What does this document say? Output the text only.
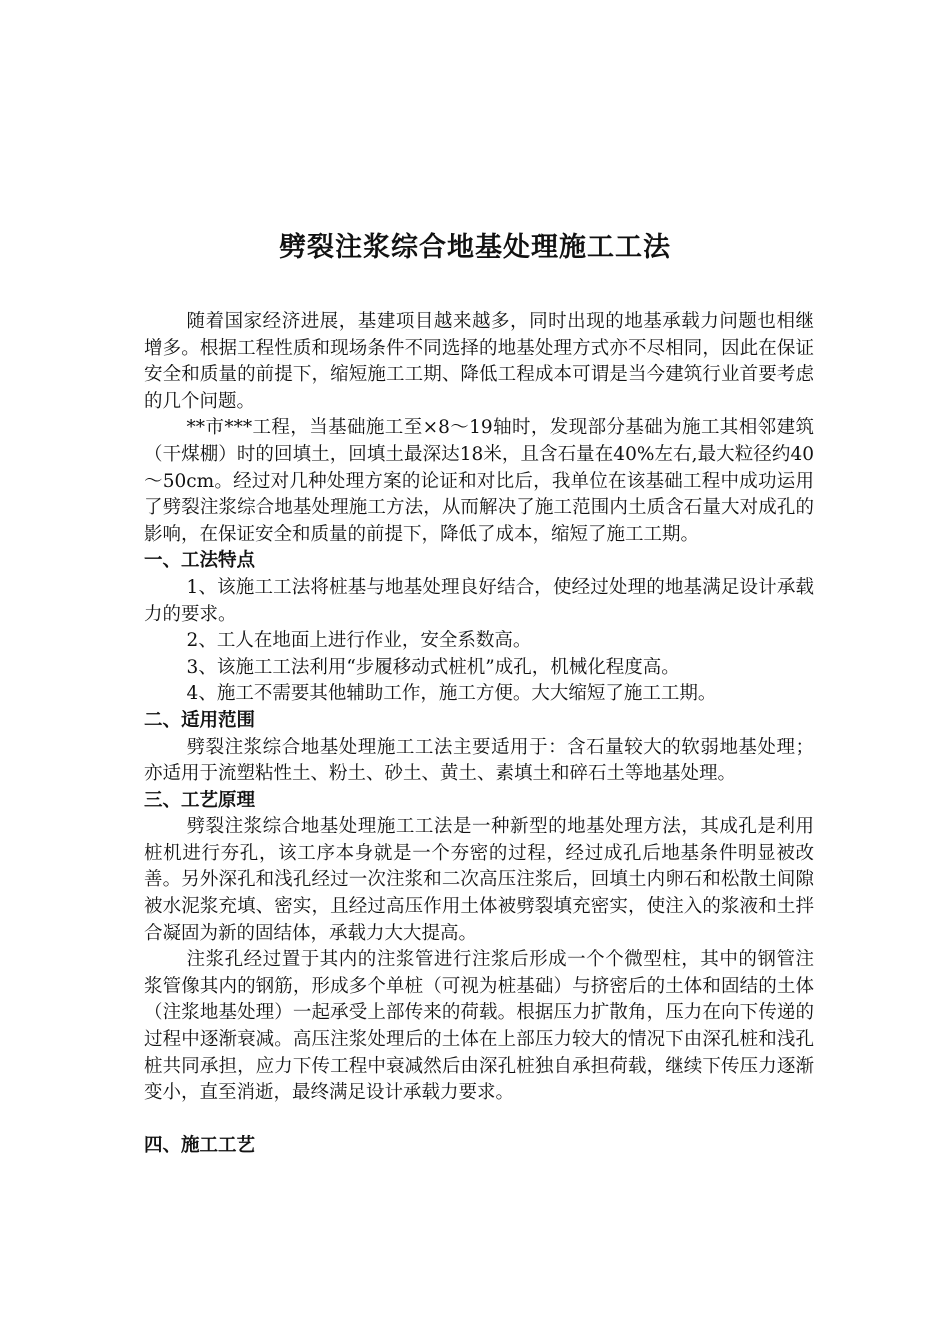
劈裂注浆综合地基处理施工工法

随着国家经济进展，基建项目越来越多，同时出现的地基承载力问题也相继增多。根据工程性质和现场条件不同选择的地基处理方式亦不尽相同，因此在保证安全和质量的前提下，缩短施工工期、降低工程成本可谓是当今建筑行业首要考虑的几个问题。

**市***工程，当基础施工至×8～19轴时，发现部分基础为施工其相邻建筑（干煤棚）时的回填土，回填土最深达18米，且含石量在40%左右,最大粒径约40～50cm。经过对几种处理方案的论证和对比后，我单位在该基础工程中成功运用了劈裂注浆综合地基处理施工方法，从而解决了施工范围内土质含石量大对成孔的影响，在保证安全和质量的前提下，降低了成本，缩短了施工工期。

一、工法特点

1、该施工工法将桩基与地基处理良好结合，使经过处理的地基满足设计承载力的要求。

2、工人在地面上进行作业，安全系数高。

3、该施工工法利用“步履移动式桩机”成孔，机械化程度高。

4、施工不需要其他辅助工作，施工方便。大大缩短了施工工期。

二、适用范围

劈裂注浆综合地基处理施工工法主要适用于：含石量较大的软弱地基处理；亦适用于流塑粘性土、粉土、砂土、黄土、素填土和碎石土等地基处理。

三、工艺原理

劈裂注浆综合地基处理施工工法是一种新型的地基处理方法，其成孔是利用桩机进行夯孔，该工序本身就是一个夯密的过程，经过成孔后地基条件明显被改善。另外深孔和浅孔经过一次注浆和二次高压注浆后，回填土内卵石和松散土间隙被水泥浆充填、密实，且经过高压作用土体被劈裂填充密实，使注入的浆液和土拌合凝固为新的固结体，承载力大大提高。

注浆孔经过置于其内的注浆管进行注浆后形成一个个微型柱，其中的钢管注浆管像其内的钢筋，形成多个单桩（可视为桩基础）与挤密后的土体和固结的土体（注浆地基处理）一起承受上部传来的荷载。根据压力扩散角，压力在向下传递的过程中逐渐衰减。高压注浆处理后的土体在上部压力较大的情况下由深孔桩和浅孔桩共同承担，应力下传工程中衰减然后由深孔桩独自承担荷载，继续下传压力逐渐变小，直至消逝，最终满足设计承载力要求。

四、施工工艺
